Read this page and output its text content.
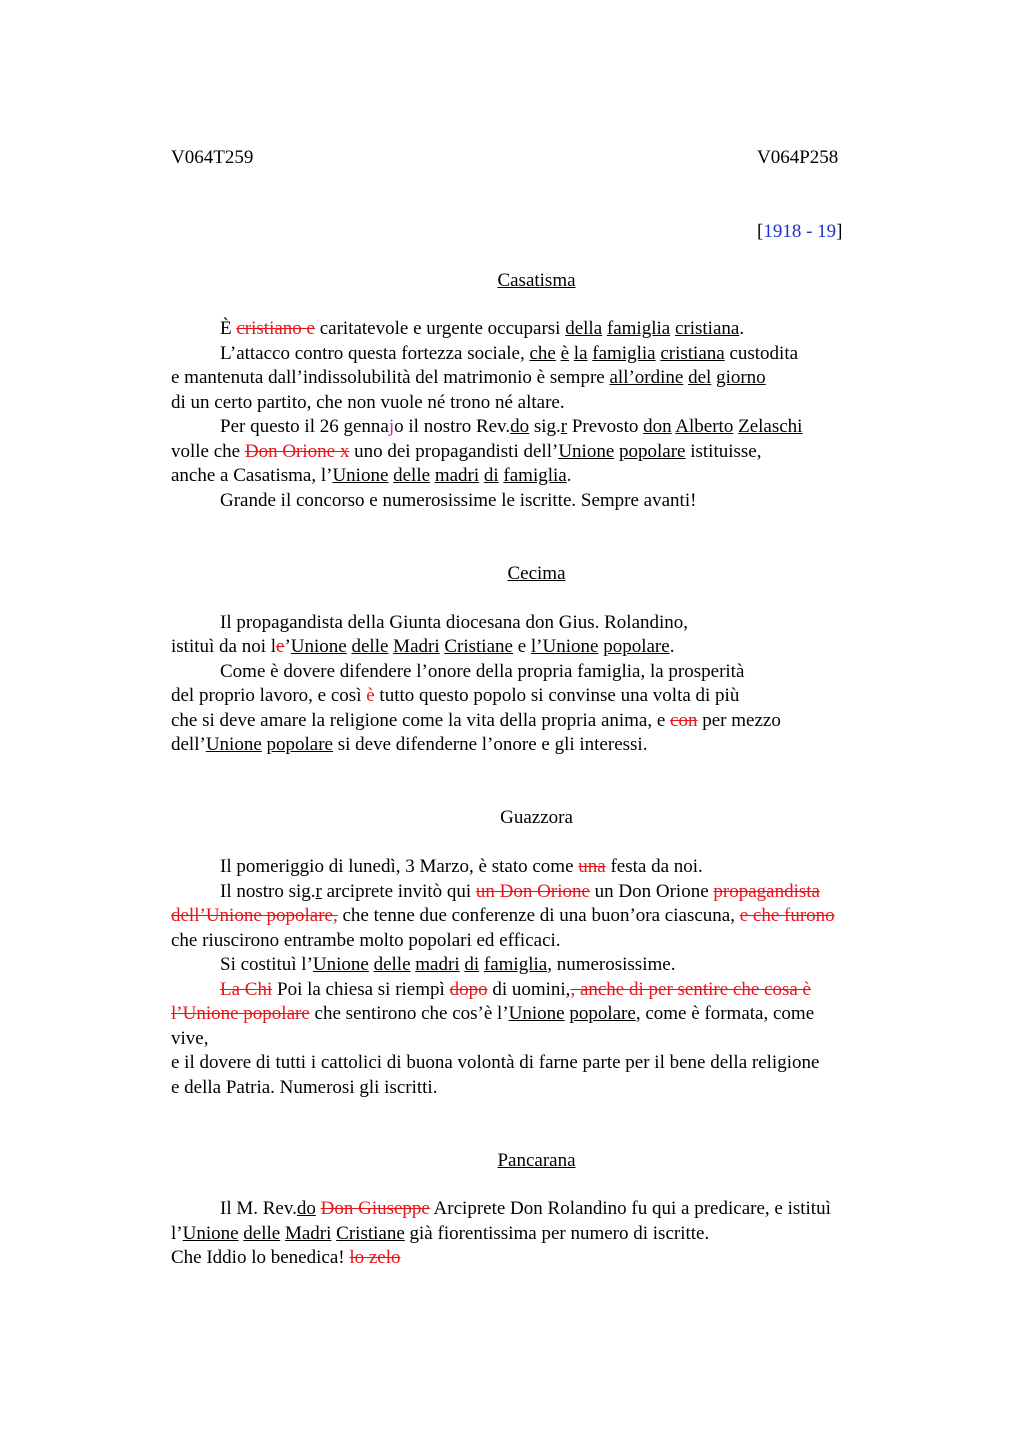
V064T259	V064P258
[1918 - 19]
Casatisma
È cristiano e caritatevole e urgente occuparsi della famiglia cristiana.
L’attacco contro questa fortezza sociale, che è la famiglia cristiana custodita
e mantenuta dall’indissolubilità del matrimonio è sempre all’ordine del giorno
di un certo partito, che non vuole né trono né altare.
Per questo il 26 gennajo il nostro Rev.do sig.r Prevosto don Alberto Zelaschi
volle che Don Orione x uno dei propagandisti dell’Unione popolare istituisse,
anche a Casatisma, l’Unione delle madri di famiglia.
Grande il concorso e numerosissime le iscritte. Sempre avanti!
Cecima
Il propagandista della Giunta diocesana don Gius. Rolandino,
istituì da noi le’Unione delle Madri Cristiane e l’Unione popolare.
Come è dovere difendere l’onore della propria famiglia, la prosperità
del proprio lavoro, e così è tutto questo popolo si convinse una volta di più
che si deve amare la religione come la vita della propria anima, e con per mezzo
dell’Unione popolare si deve difenderne l’onore e gli interessi.
Guazzora
Il pomeriggio di lunedì, 3 Marzo, è stato come una festa da noi.
Il nostro sig.r arciprete invitò qui un Don Orione un Don Orione propagandista
dell’Unione popolare, che tenne due conferenze di una buon’ora ciascuna, e che furono
che riuscirono entrambe molto popolari ed efficaci.
Si costituì l’Unione delle madri di famiglia, numerosissime.
La Chi Poi la chiesa si riempì dopo di uomini,, anche di per sentire che cosa è
l’Unione popolare che sentirono che cos’è l’Unione popolare, come è formata, come
vive,
e il dovere di tutti i cattolici di buona volontà di farne parte per il bene della religione
e della Patria. Numerosi gli iscritti.
Pancarana
Il M. Rev.do Don Giuseppe Arciprete Don Rolandino fu qui a predicare, e istituì
l’Unione delle Madri Cristiane già fiorentissima per numero di iscritte.
Che Iddio lo benedica! lo zelo
